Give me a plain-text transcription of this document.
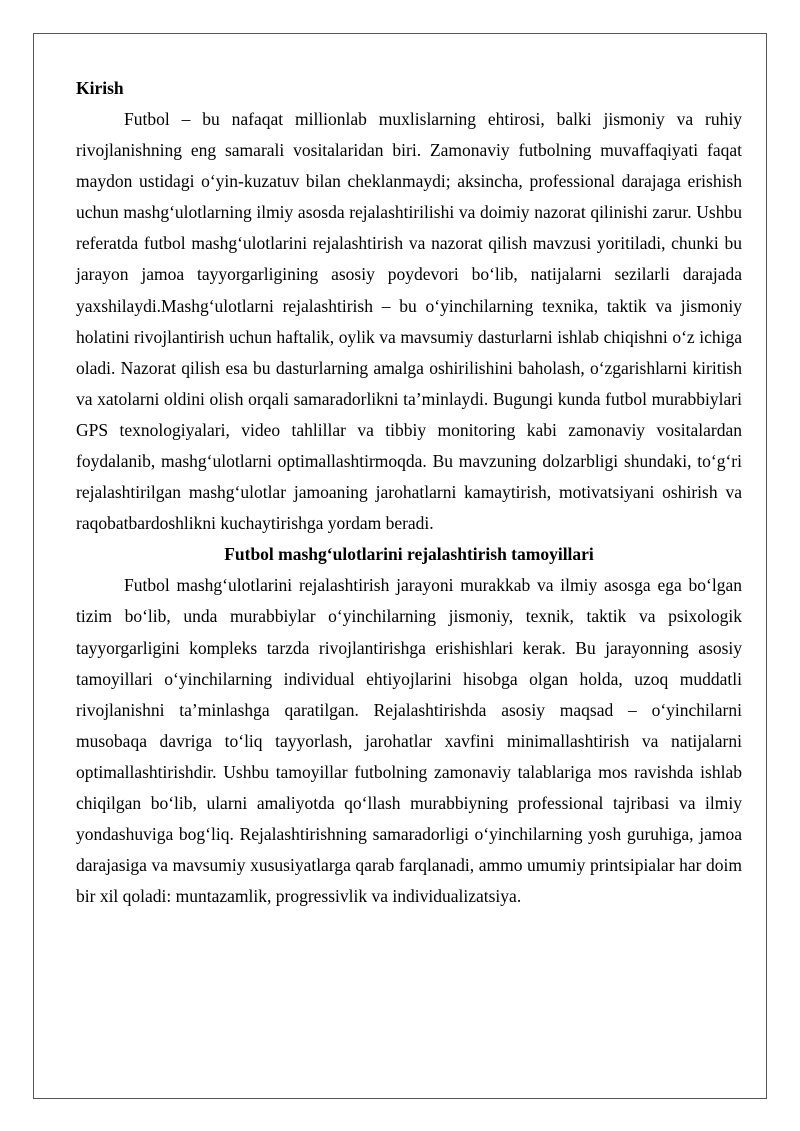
Kirish

Futbol – bu nafaqat millionlab muxlislarning ehtirosi, balki jismoniy va ruhiy rivojlanishning eng samarali vositalaridan biri. Zamonaviy futbolning muvaffaqiyati faqat maydon ustidagi o‘yin-kuzatuv bilan cheklanmaydi; aksincha, professional darajaga erishish uchun mashg‘ulotlarning ilmiy asosda rejalashtirilishi va doimiy nazorat qilinishi zarur. Ushbu referatda futbol mashg‘ulotlarini rejalashtirish va nazorat qilish mavzusi yoritiladi, chunki bu jarayon jamoa tayyorgarligining asosiy poydevori bo‘lib, natijalarni sezilarli darajada yaxshilaydi.Mashg‘ulotlarni rejalashtirish – bu o‘yinchilarning texnika, taktik va jismoniy holatini rivojlantirish uchun haftalik, oylik va mavsumiy dasturlarni ishlab chiqishni o‘z ichiga oladi. Nazorat qilish esa bu dasturlarning amalga oshirilishini baholash, o‘zgarishlarni kiritish va xatolarni oldini olish orqali samaradorlikni ta’minlaydi. Bugungi kunda futbol murabbiylari GPS texnologiyalari, video tahlillar va tibbiy monitoring kabi zamonaviy vositalardan foydalanib, mashg‘ulotlarni optimallashtirmoqda. Bu mavzuning dolzarbligi shundaki, to‘g‘ri rejalashtirilgan mashg‘ulotlar jamoaning jarohatlarni kamaytirish, motivatsiyani oshirish va raqobatbardoshlikni kuchaytirishga yordam beradi.

Futbol mashg‘ulotlarini rejalashtirish tamoyillari

Futbol mashg‘ulotlarini rejalashtirish jarayoni murakkab va ilmiy asosga ega bo‘lgan tizim bo‘lib, unda murabbiylar o‘yinchilarning jismoniy, texnik, taktik va psixologik tayyorgarligini kompleks tarzda rivojlantirishga erishishlari kerak. Bu jarayonning asosiy tamoyillari o‘yinchilarning individual ehtiyojlarini hisobga olgan holda, uzoq muddatli rivojlanishni ta’minlashga qaratilgan. Rejalashtirishda asosiy maqsad – o‘yinchilarni musobaqa davriga to‘liq tayyorlash, jarohatlar xavfini minimallashtirish va natijalarni optimallashtirishdir. Ushbu tamoyillar futbolning zamonaviy talablariga mos ravishda ishlab chiqilgan bo‘lib, ularni amaliyotda qo‘llash murabbiyning professional tajribasi va ilmiy yondashuviga bog‘liq. Rejalashtirishning samaradorligi o‘yinchilarning yosh guruhiga, jamoa darajasiga va mavsumiy xususiyatlarga qarab farqlanadi, ammo umumiy printsipialar har doim bir xil qoladi: muntazamlik, progressivlik va individualizatsiya.
